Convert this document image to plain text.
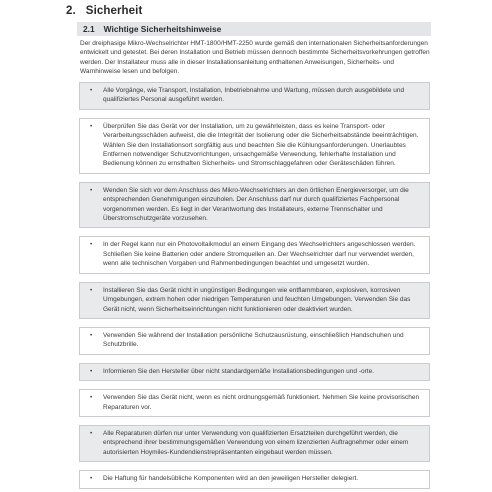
2. Sicherheit
2.1 Wichtige Sicherheitshinweise
Der dreiphasige Mikro-Wechselrichter HMT-1800/HMT-2250 wurde gemäß den internationalen Sicherheitsanforderungen entwickelt und getestet. Bei deren Installation und Betrieb müssen dennoch bestimmte Sicherheitsvorkehrungen getroffen werden. Der Installateur muss alle in dieser Installationsanleitung enthaltenen Anweisungen, Sicherheits- und Warnhinweise lesen und befolgen.
• Alle Vorgänge, wie Transport, Installation, Inbetriebnahme und Wartung, müssen durch ausgebildete und qualifiziertes Personal ausgeführt werden.
• Überprüfen Sie das Gerät vor der Installation, um zu gewährleisten, dass es keine Transport- oder Verarbeitungsschäden aufweist, die die Integrität der Isolierung oder die Sicherheitsabstände beeinträchtigen. Wählen Sie den Installationsort sorgfältig aus und beachten Sie die Kühlungsanforderungen. Unerlaubtes Entfernen notwendiger Schutzvorrichtungen, unsachgemäße Verwendung, fehlerhafte Installation und Bedienung können zu ernsthaften Sicherheits- und Stromschlaggefahren oder Geräteschäden führen.
• Wenden Sie sich vor dem Anschluss des Mikro-Wechselrichters an den örtlichen Energieversorger, um die entsprechenden Genehmigungen einzuholen. Der Anschluss darf nur durch qualifiziertes Fachpersonal vorgenommen werden. Es liegt in der Verantwortung des Installateurs, externe Trennschalter und Überstromschutzgeräte vorzusehen.
• In der Regel kann nur ein Photovoltaikmodul an einem Eingang des Wechselrichters angeschlossen werden. Schließen Sie keine Batterien oder andere Stromquellen an. Der Wechselrichter darf nur verwendet werden, wenn alle technischen Vorgaben und Rahmenbedingungen beachtet und umgesetzt wurden.
• Installieren Sie das Gerät nicht in ungünstigen Bedingungen wie entflammbaren, explosiven, korrosiven Umgebungen, extrem hohen oder niedrigen Temperaturen und feuchten Umgebungen. Verwenden Sie das Gerät nicht, wenn Sicherheitseinrichtungen nicht funktionieren oder deaktiviert wurden.
• Verwenden Sie während der Installation persönliche Schutzausrüstung, einschließlich Handschuhen und Schutzbrille.
• Informieren Sie den Hersteller über nicht standardgemäße Installationsbedingungen und -orte.
• Verwenden Sie das Gerät nicht, wenn es nicht ordnungsgemäß funktioniert. Nehmen Sie keine provisorischen Reparaturen vor.
• Alle Reparaturen dürfen nur unter Verwendung von qualifizierten Ersatzteilen durchgeführt werden, die entsprechend ihrer bestimmungsgemäßen Verwendung von einem lizenzierten Auftragnehmer oder einem autorisierten Hoymiles-Kundendienstrepräsentanten eingebaut werden müssen.
• Die Haftung für handelsübliche Komponenten wird an den jeweiligen Hersteller delegiert.
